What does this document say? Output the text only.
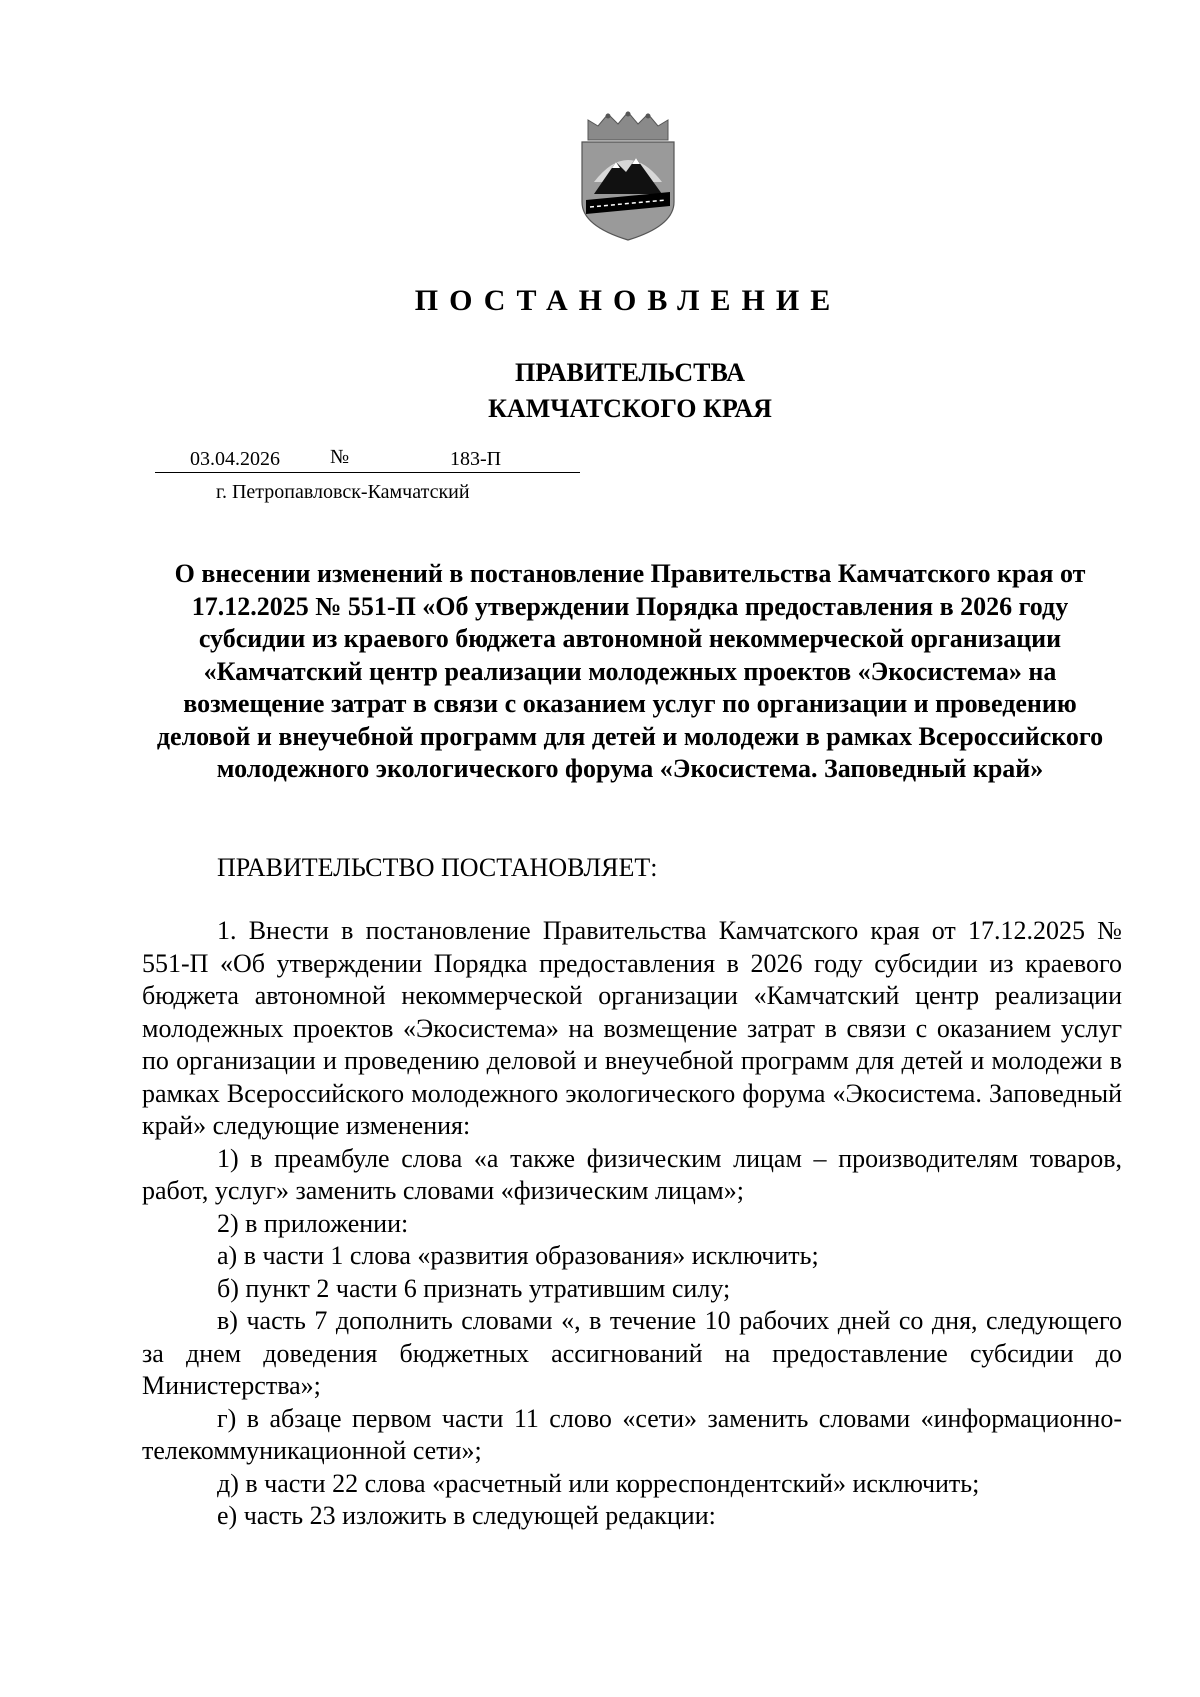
ПОСТАНОВЛЕНИЕ
ПРАВИТЕЛЬСТВА
КАМЧАТСКОГО КРАЯ
03.04.2026	№	183-П
г. Петропавловск-Камчатский
О внесении изменений в постановление Правительства Камчатского края от 17.12.2025 № 551-П «Об утверждении Порядка предоставления в 2026 году субсидии из краевого бюджета автономной некоммерческой организации «Камчатский центр реализации молодежных проектов «Экосистема» на возмещение затрат в связи с оказанием услуг по организации и проведению деловой и внеучебной программ для детей и молодежи в рамках Всероссийского молодежного экологического форума «Экосистема. Заповедный край»
ПРАВИТЕЛЬСТВО ПОСТАНОВЛЯЕТ:

1. Внести в постановление Правительства Камчатского края от 17.12.2025 № 551-П «Об утверждении Порядка предоставления в 2026 году субсидии из краевого бюджета автономной некоммерческой организации «Камчатский центр реализации молодежных проектов «Экосистема» на возмещение затрат в связи с оказанием услуг по организации и проведению деловой и внеучебной программ для детей и молодежи в рамках Всероссийского молодежного экологического форума «Экосистема. Заповедный край» следующие изменения:

1) в преамбуле слова «а также физическим лицам – производителям товаров, работ, услуг» заменить словами «физическим лицам»;

2) в приложении:

а) в части 1 слова «развития образования» исключить;

б) пункт 2 части 6 признать утратившим силу;

в) часть 7 дополнить словами «, в течение 10 рабочих дней со дня, следующего за днем доведения бюджетных ассигнований на предоставление субсидии до Министерства»;

г) в абзаце первом части 11 слово «сети» заменить словами «информационно-телекоммуникационной сети»;

д) в части 22 слова «расчетный или корреспондентский» исключить;

е) часть 23 изложить в следующей редакции:
